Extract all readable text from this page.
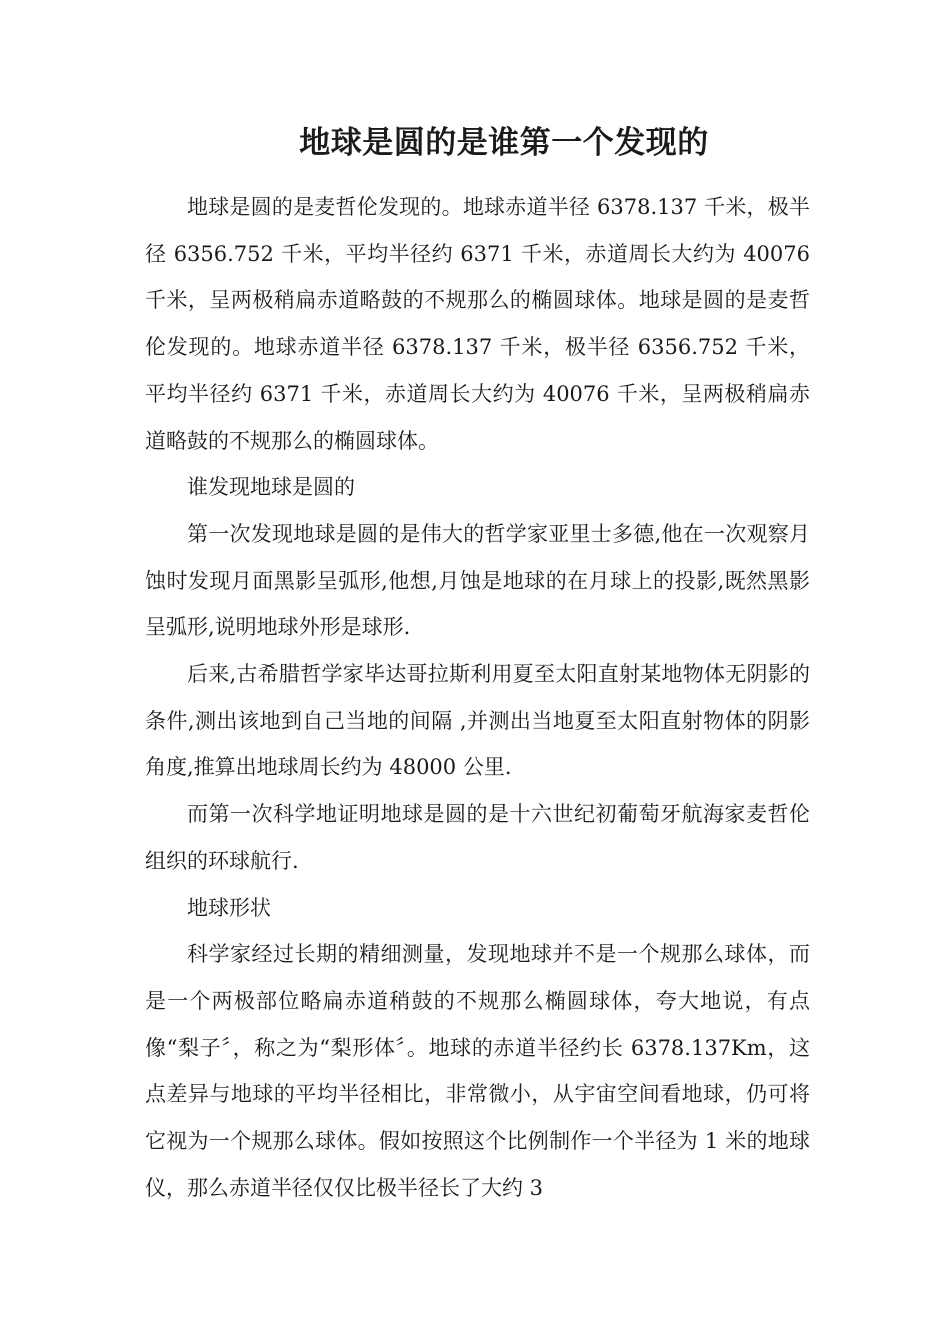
地球是圆的是谁第一个发现的

地球是圆的是麦哲伦发现的。地球赤道半径 6378.137 千米，极半径 6356.752 千米，平均半径约 6371 千米，赤道周长大约为 40076 千米，呈两极稍扁赤道略鼓的不规那么的椭圆球体。地球是圆的是麦哲伦发现的。地球赤道半径 6378.137 千米，极半径 6356.752 千米，平均半径约 6371 千米，赤道周长大约为 40076 千米，呈两极稍扁赤道略鼓的不规那么的椭圆球体。

谁发现地球是圆的

第一次发现地球是圆的是伟大的哲学家亚里士多德,他在一次观察月蚀时发现月面黑影呈弧形,他想,月蚀是地球的在月球上的投影,既然黑影呈弧形,说明地球外形是球形.

后来,古希腊哲学家毕达哥拉斯利用夏至太阳直射某地物体无阴影的条件,测出该地到自己当地的间隔 ,并测出当地夏至太阳直射物体的阴影角度,推算出地球周长约为 48000 公里.

而第一次科学地证明地球是圆的是十六世纪初葡萄牙航海家麦哲伦组织的环球航行.

地球形状

科学家经过长期的精细测量，发现地球并不是一个规那么球体，而是一个两极部位略扁赤道稍鼓的不规那么椭圆球体，夸大地说，有点像“梨子〞，称之为“梨形体〞。地球的赤道半径约长 6378.137Km，这点差异与地球的平均半径相比，非常微小，从宇宙空间看地球，仍可将它视为一个规那么球体。假如按照这个比例制作一个半径为 1 米的地球仪，那么赤道半径仅仅比极半径长了大约 3
